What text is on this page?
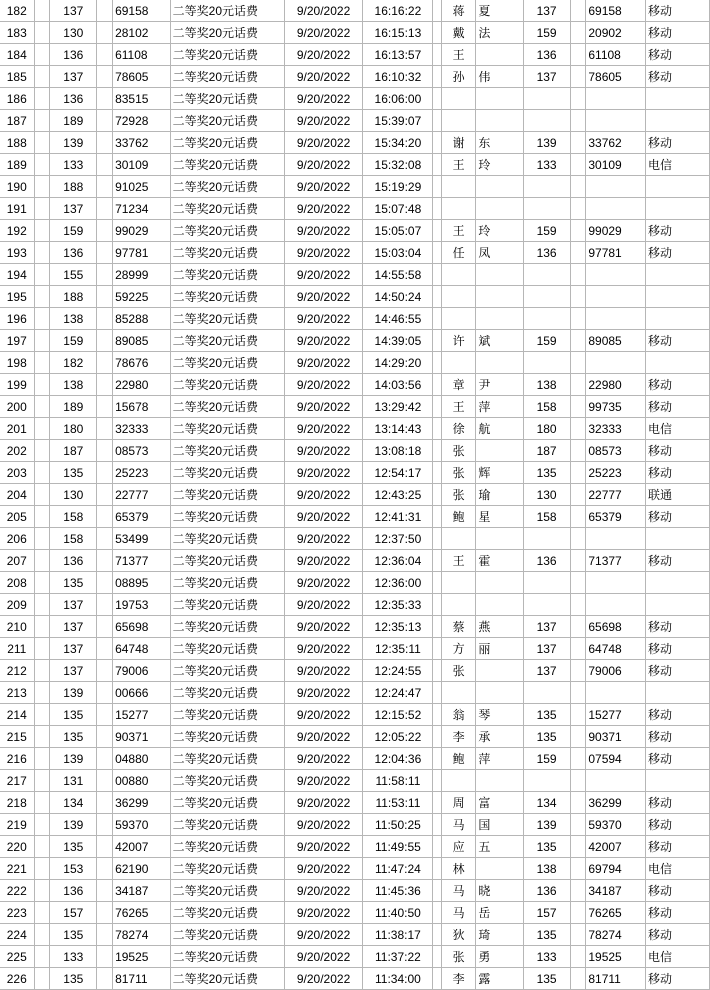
182		137		69158	二等奖20元话费	9/20/2022	16:16:22		蒋	夏	137		69158	移动
183		130		28102	二等奖20元话费	9/20/2022	16:15:13		戴	法	159		20902	移动
184		136		61108	二等奖20元话费	9/20/2022	16:13:57		王		136		61108	移动
185		137		78605	二等奖20元话费	9/20/2022	16:10:32		孙	伟	137		78605	移动
186		136		83515	二等奖20元话费	9/20/2022	16:06:00							
187		189		72928	二等奖20元话费	9/20/2022	15:39:07							
188		139		33762	二等奖20元话费	9/20/2022	15:34:20		谢	东	139		33762	移动
189		133		30109	二等奖20元话费	9/20/2022	15:32:08		王	玲	133		30109	电信
190		188		91025	二等奖20元话费	9/20/2022	15:19:29							
191		137		71234	二等奖20元话费	9/20/2022	15:07:48							
192		159		99029	二等奖20元话费	9/20/2022	15:05:07		王	玲	159		99029	移动
193		136		97781	二等奖20元话费	9/20/2022	15:03:04		任	凤	136		97781	移动
194		155		28999	二等奖20元话费	9/20/2022	14:55:58							
195		188		59225	二等奖20元话费	9/20/2022	14:50:24							
196		138		85288	二等奖20元话费	9/20/2022	14:46:55							
197		159		89085	二等奖20元话费	9/20/2022	14:39:05		许	斌	159		89085	移动
198		182		78676	二等奖20元话费	9/20/2022	14:29:20							
199		138		22980	二等奖20元话费	9/20/2022	14:03:56		章	尹	138		22980	移动
200		189		15678	二等奖20元话费	9/20/2022	13:29:42		王	萍	158		99735	移动
201		180		32333	二等奖20元话费	9/20/2022	13:14:43		徐	航	180		32333	电信
202		187		08573	二等奖20元话费	9/20/2022	13:08:18		张		187		08573	移动
203		135		25223	二等奖20元话费	9/20/2022	12:54:17		张	辉	135		25223	移动
204		130		22777	二等奖20元话费	9/20/2022	12:43:25		张	瑜	130		22777	联通
205		158		65379	二等奖20元话费	9/20/2022	12:41:31		鲍	星	158		65379	移动
206		158		53499	二等奖20元话费	9/20/2022	12:37:50							
207		136		71377	二等奖20元话费	9/20/2022	12:36:04		王	霍	136		71377	移动
208		135		08895	二等奖20元话费	9/20/2022	12:36:00							
209		137		19753	二等奖20元话费	9/20/2022	12:35:33							
210		137		65698	二等奖20元话费	9/20/2022	12:35:13		蔡	燕	137		65698	移动
211		137		64748	二等奖20元话费	9/20/2022	12:35:11		方	丽	137		64748	移动
212		137		79006	二等奖20元话费	9/20/2022	12:24:55		张		137		79006	移动
213		139		00666	二等奖20元话费	9/20/2022	12:24:47							
214		135		15277	二等奖20元话费	9/20/2022	12:15:52		翁	琴	135		15277	移动
215		135		90371	二等奖20元话费	9/20/2022	12:05:22		李	承	135		90371	移动
216		139		04880	二等奖20元话费	9/20/2022	12:04:36		鲍	萍	159		07594	移动
217		131		00880	二等奖20元话费	9/20/2022	11:58:11							
218		134		36299	二等奖20元话费	9/20/2022	11:53:11		周	富	134		36299	移动
219		139		59370	二等奖20元话费	9/20/2022	11:50:25		马	国	139		59370	移动
220		135		42007	二等奖20元话费	9/20/2022	11:49:55		应	五	135		42007	移动
221		153		62190	二等奖20元话费	9/20/2022	11:47:24		林		138		69794	电信
222		136		34187	二等奖20元话费	9/20/2022	11:45:36		马	晓	136		34187	移动
223		157		76265	二等奖20元话费	9/20/2022	11:40:50		马	岳	157		76265	移动
224		135		78274	二等奖20元话费	9/20/2022	11:38:17		狄	琦	135		78274	移动
225		133		19525	二等奖20元话费	9/20/2022	11:37:22		张	勇	133		19525	电信
226		135		81711	二等奖20元话费	9/20/2022	11:34:00		李	露	135		81711	移动
